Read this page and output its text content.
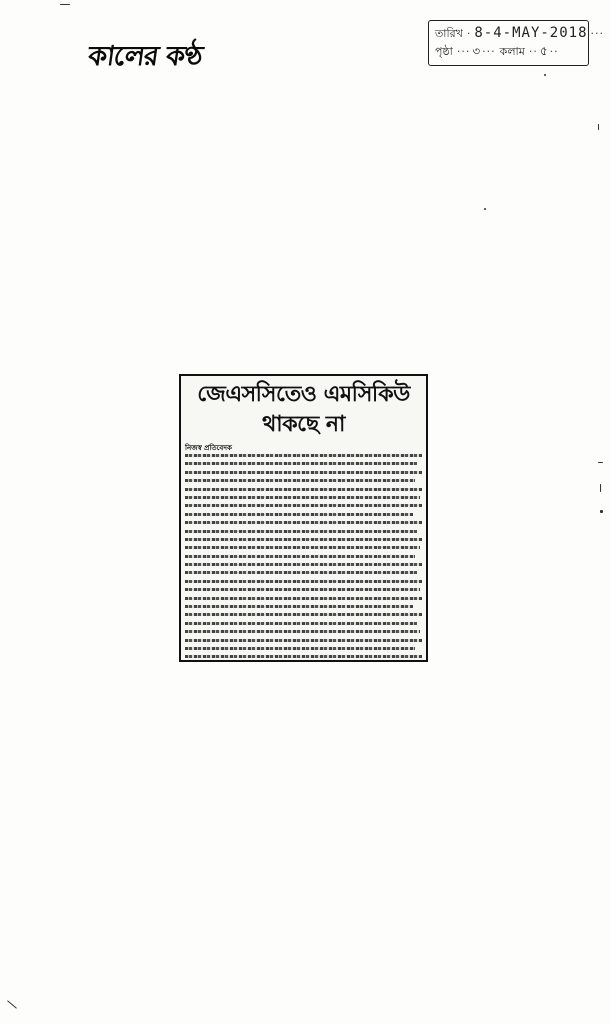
কালের কণ্ঠ
তারিখ · 8-4-MAY-2018 ···
পৃষ্ঠা ··· ৩ ··· কলাম ·· ৫ ··
জেএসসিতেও এমসিকিউ
থাকছে না
নিজস্ব প্রতিবেদক
